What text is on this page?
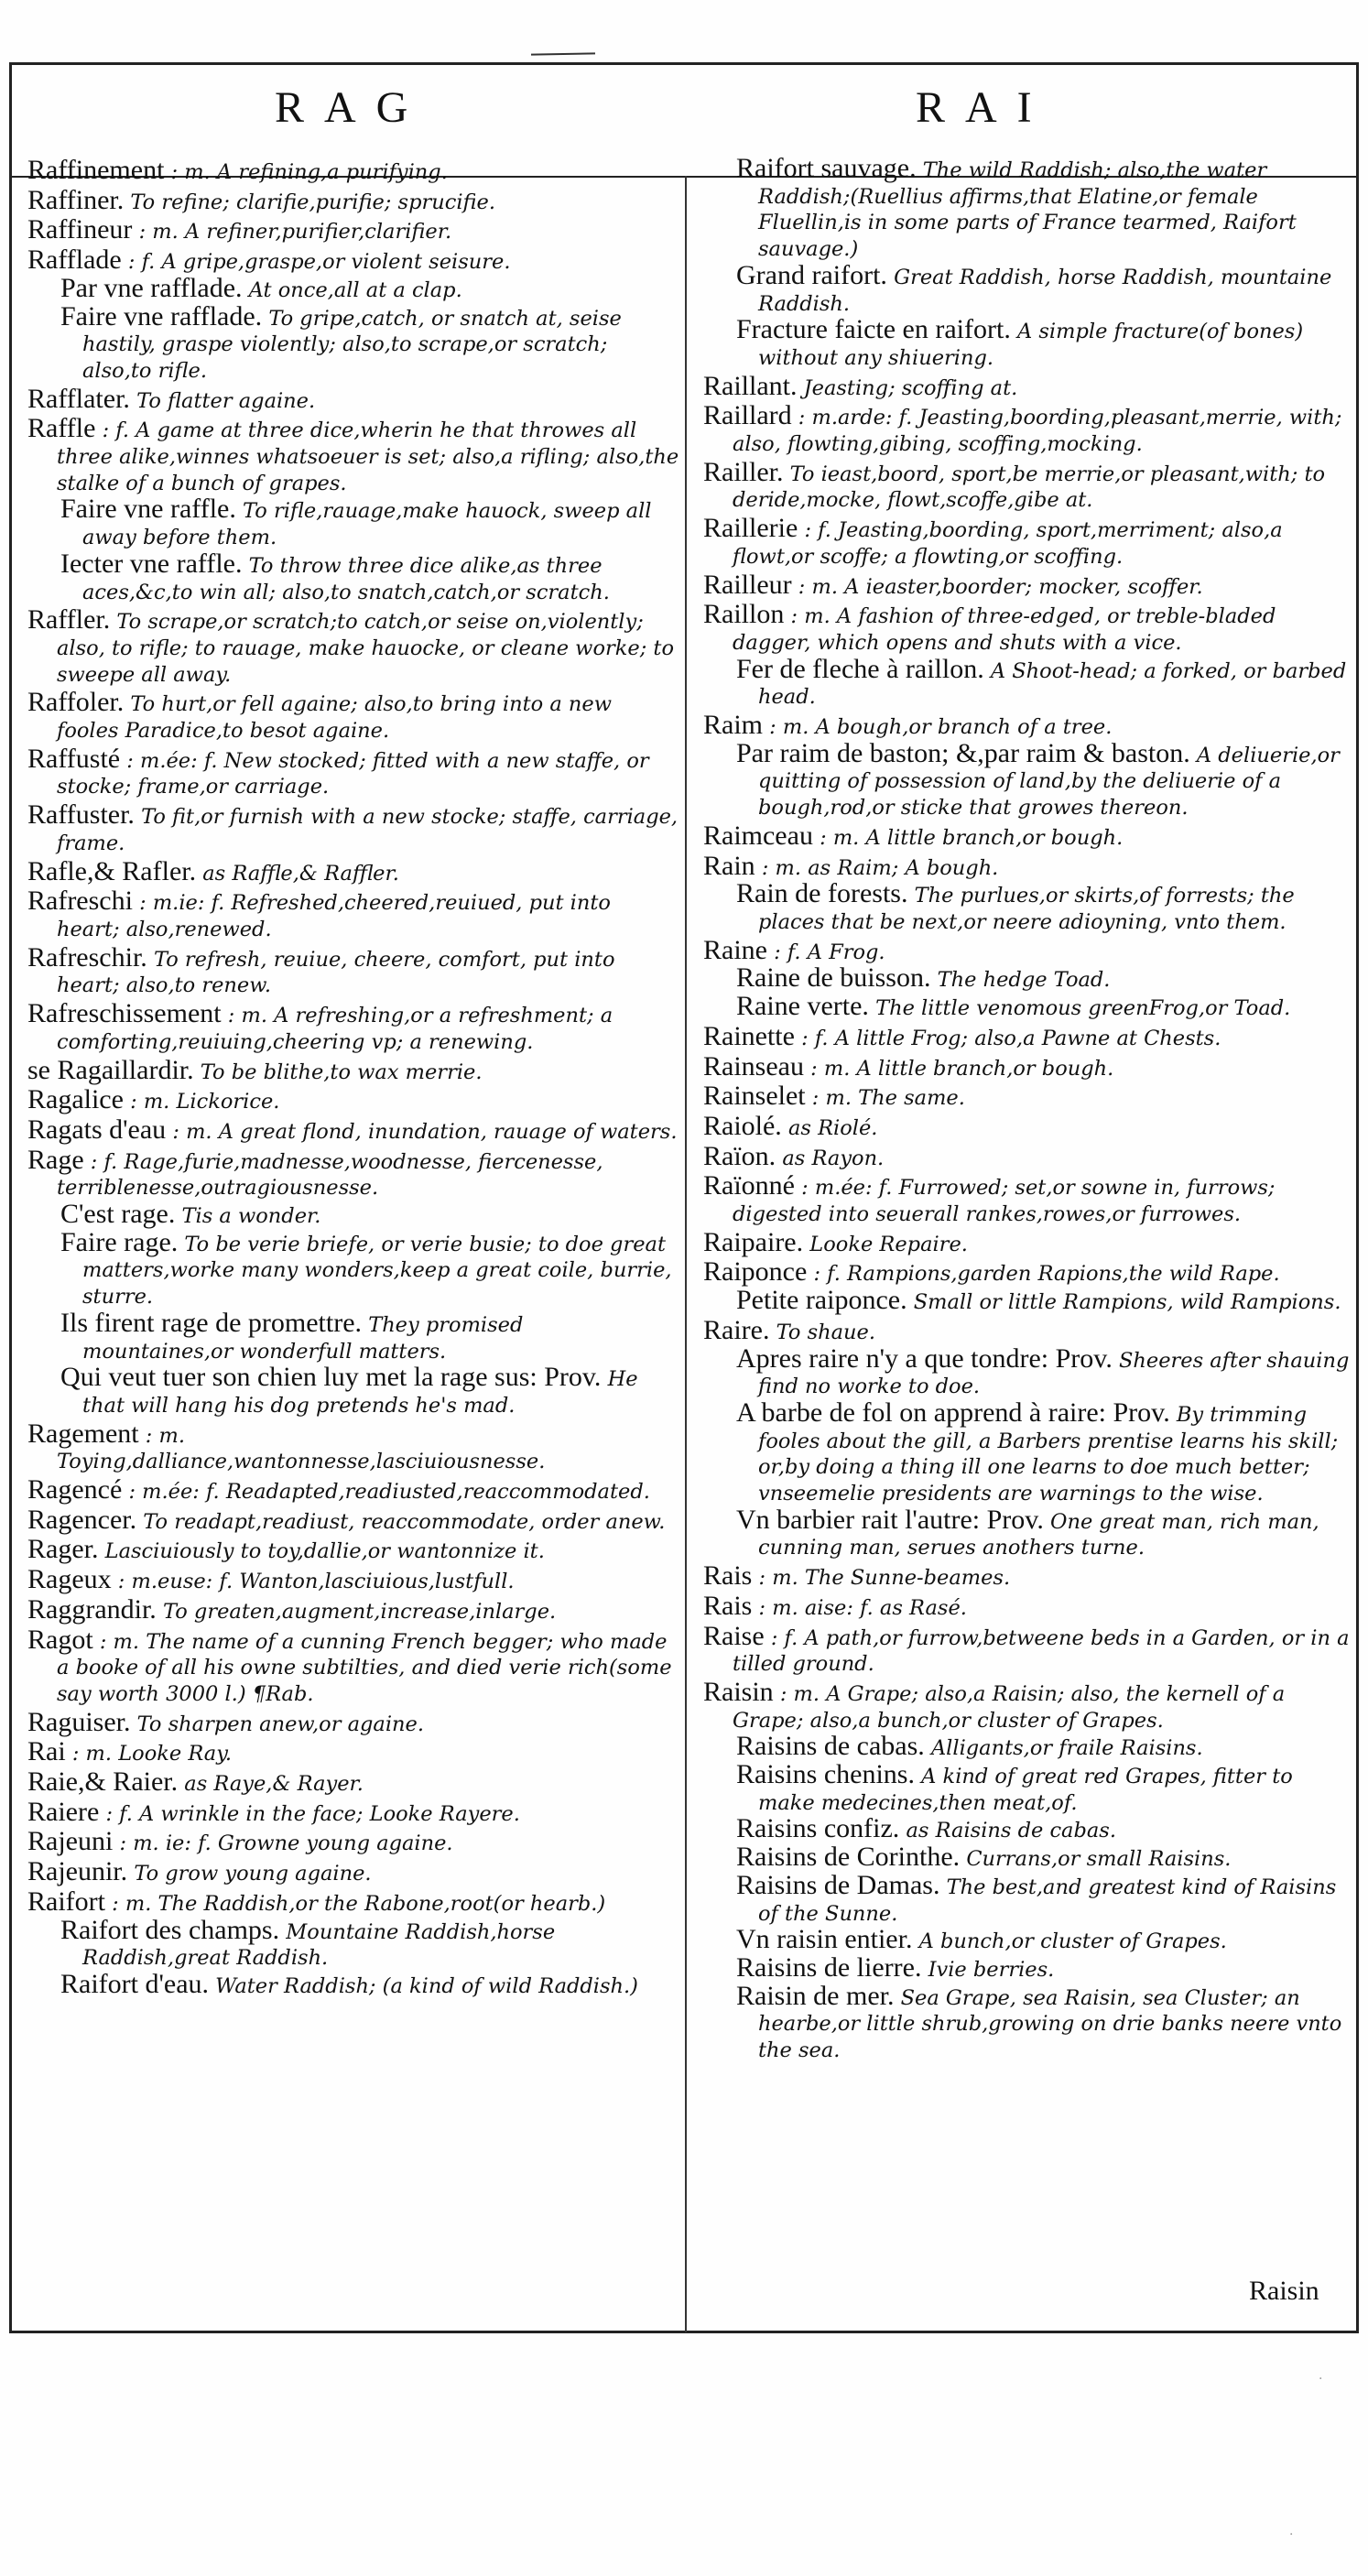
RAG	RAI

Raffinement : m. A refining,a purifying.

Raffiner. To refine; clarifie,purifie; sprucifie.

Raffineur : m. A refiner,purifier,clarifier.

Rafflade : f. A gripe,graspe,or violent seisure.

Par vne rafflade. At once,all at a clap.

Faire vne rafflade. To gripe,catch, or snatch at, seise hastily, graspe violently; also,to scrape,or scratch; also,to rifle.

Rafflater. To flatter againe.

Raffle : f. A game at three dice,wherin he that throwes all three alike,winnes whatsoeuer is set; also,a rifling; also,the stalke of a bunch of grapes.

Faire vne raffle. To rifle,rauage,make hauock, sweep all away before them.

Iecter vne raffle. To throw three dice alike,as three aces,&c,to win all; also,to snatch,catch,or scratch.

Raffler. To scrape,or scratch;to catch,or seise on,violently; also, to rifle; to rauage, make hauocke, or cleane worke; to sweepe all away.

Raffoler. To hurt,or fell againe; also,to bring into a new fooles Paradice,to besot againe.

Raffusté : m.ée: f. New stocked; fitted with a new staffe, or stocke; frame,or carriage.

Raffuster. To fit,or furnish with a new stocke; staffe, carriage, frame.

Rafle,& Rafler. as Raffle,& Raffler.

Rafreschi : m.ie: f. Refreshed,cheered,reuiued, put into heart; also,renewed.

Rafreschir. To refresh, reuiue, cheere, comfort, put into heart; also,to renew.

Rafreschissement : m. A refreshing,or a refreshment; a comforting,reuiuing,cheering vp; a renewing.

se Ragaillardir. To be blithe,to wax merrie.

Ragalice : m. Lickorice.

Ragats d'eau : m. A great flond, inundation, rauage of waters.

Rage : f. Rage,furie,madnesse,woodnesse, fiercenesse, terriblenesse,outragiousnesse.

C'est rage. Tis a wonder.

Faire rage. To be verie briefe, or verie busie; to doe great matters,worke many wonders,keep a great coile, burrie, sturre.

Ils firent rage de promettre. They promised mountaines,or wonderfull matters.

Qui veut tuer son chien luy met la rage sus: Prov. He that will hang his dog pretends he's mad.

Ragement : m. Toying,dalliance,wantonnesse,lasciuiousnesse.

Ragencé : m.ée: f. Readapted,readiusted,reaccommodated.

Ragencer. To readapt,readiust, reaccommodate, order anew.

Rager. Lasciuiously to toy,dallie,or wantonnize it.

Rageux : m.euse: f. Wanton,lasciuious,lustfull.

Raggrandir. To greaten,augment,increase,inlarge.

Ragot : m. The name of a cunning French begger; who made a booke of all his owne subtilties, and died verie rich(some say worth 3000 l.) ¶Rab.

Raguiser. To sharpen anew,or againe.

Rai : m. Looke Ray.

Raie,& Raier. as Raye,& Rayer.

Raiere : f. A wrinkle in the face; Looke Rayere.

Rajeuni : m. ie: f. Growne young againe.

Rajeunir. To grow young againe.

Raifort : m. The Raddish,or the Rabone,root(or hearb.)

Raifort des champs. Mountaine Raddish,horse Raddish,great Raddish.

Raifort d'eau. Water Raddish; (a kind of wild Raddish.)

Raifort sauvage. The wild Raddish; also,the water Raddish;(Ruellius affirms,that Elatine,or female Fluellin,is in some parts of France tearmed, Raifort sauvage.)

Grand raifort. Great Raddish, horse Raddish, mountaine Raddish.

Fracture faicte en raifort. A simple fracture(of bones) without any shiuering.

Raillant. Jeasting; scoffing at.

Raillard : m.arde: f. Jeasting,boording,pleasant,merrie, with; also, flowting,gibing, scoffing,mocking.

Railler. To ieast,boord, sport,be merrie,or pleasant,with; to deride,mocke, flowt,scoffe,gibe at.

Raillerie : f. Jeasting,boording, sport,merriment; also,a flowt,or scoffe; a flowting,or scoffing.

Railleur : m. A ieaster,boorder; mocker, scoffer.

Raillon : m. A fashion of three-edged, or treble-bladed dagger, which opens and shuts with a vice.

Fer de fleche à raillon. A Shoot-head; a forked, or barbed head.

Raim : m. A bough,or branch of a tree.

Par raim de baston; &,par raim & baston. A deliuerie,or quitting of possession of land,by the deliuerie of a bough,rod,or sticke that growes thereon.

Raimceau : m. A little branch,or bough.

Rain : m. as Raim; A bough.

Rain de forests. The purlues,or skirts,of forrests; the places that be next,or neere adioyning, vnto them.

Raine : f. A Frog.

Raine de buisson. The hedge Toad.

Raine verte. The little venomous greenFrog,or Toad.

Rainette : f. A little Frog; also,a Pawne at Chests.

Rainseau : m. A little branch,or bough.

Rainselet : m. The same.

Raiolé. as Riolé.

Raïon. as Rayon.

Raïonné : m.ée: f. Furrowed; set,or sowne in, furrows; digested into seuerall rankes,rowes,or furrowes.

Raipaire. Looke Repaire.

Raiponce : f. Rampions,garden Rapions,the wild Rape.

Petite raiponce. Small or little Rampions, wild Rampions.

Raire. To shaue.

Apres raire n'y a que tondre: Prov. Sheeres after shauing find no worke to doe.

A barbe de fol on apprend à raire: Prov. By trimming fooles about the gill, a Barbers prentise learns his skill; or,by doing a thing ill one learns to doe much better; vnseemelie presidents are warnings to the wise.

Vn barbier rait l'autre: Prov. One great man, rich man, cunning man, serues anothers turne.

Rais : m. The Sunne-beames.

Rais : m. aise: f. as Rasé.

Raise : f. A path,or furrow,betweene beds in a Garden, or in a tilled ground.

Raisin : m. A Grape; also,a Raisin; also, the kernell of a Grape; also,a bunch,or cluster of Grapes.

Raisins de cabas. Alligants,or fraile Raisins.

Raisins chenins. A kind of great red Grapes, fitter to make medecines,then meat,of.

Raisins confiz. as Raisins de cabas.

Raisins de Corinthe. Currans,or small Raisins.

Raisins de Damas. The best,and greatest kind of Raisins of the Sunne.

Vn raisin entier. A bunch,or cluster of Grapes.

Raisins de lierre. Ivie berries.

Raisin de mer. Sea Grape, sea Raisin, sea Cluster; an hearbe,or little shrub,growing on drie banks neere vnto the sea.

Raisin
·
·
